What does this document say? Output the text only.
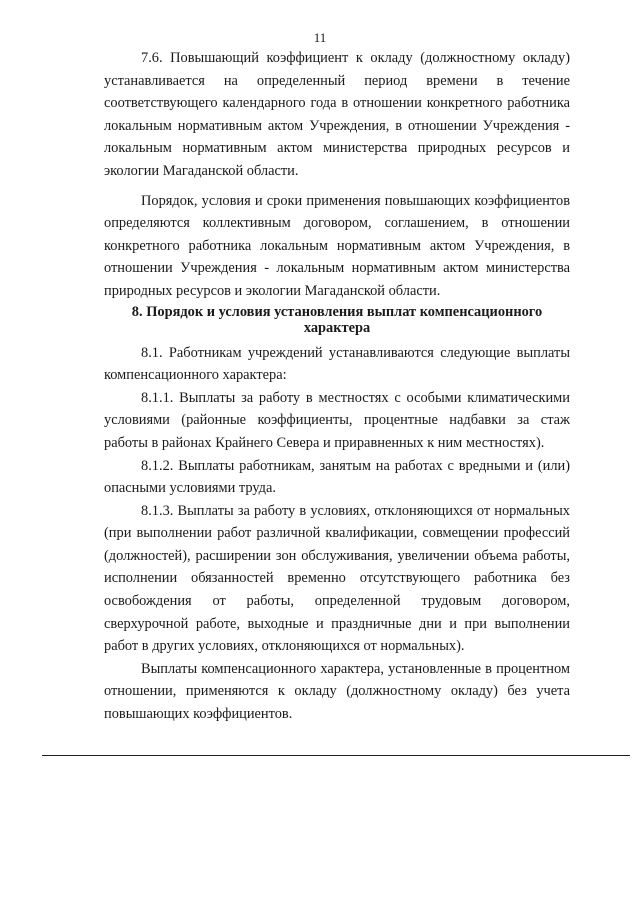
11

7.6. Повышающий коэффициент к окладу (должностному окладу) устанавливается на определенный период времени в течение соответствующего календарного года в отношении конкретного работника локальным нормативным актом Учреждения, в отношении Учреждения - локальным нормативным актом министерства природных ресурсов и экологии Магаданской области.

Порядок, условия и сроки применения повышающих коэффициентов определяются коллективным договором, соглашением, в отношении конкретного работника локальным нормативным актом Учреждения, в отношении Учреждения - локальным нормативным актом министерства природных ресурсов и экологии Магаданской области.

8. Порядок и условия установления выплат компенсационного характера

8.1. Работникам учреждений устанавливаются следующие выплаты компенсационного характера:

8.1.1. Выплаты за работу в местностях с особыми климатическими условиями (районные коэффициенты, процентные надбавки за стаж работы в районах Крайнего Севера и приравненных к ним местностях).

8.1.2. Выплаты работникам, занятым на работах с вредными и (или) опасными условиями труда.

8.1.3. Выплаты за работу в условиях, отклоняющихся от нормальных (при выполнении работ различной квалификации, совмещении профессий (должностей), расширении зон обслуживания, увеличении объема работы, исполнении обязанностей временно отсутствующего работника без освобождения от работы, определенной трудовым договором, сверхурочной работе, выходные и праздничные дни и при выполнении работ в других условиях, отклоняющихся от нормальных).

Выплаты компенсационного характера, установленные в процентном отношении, применяются к окладу (должностному окладу) без учета повышающих коэффициентов.
